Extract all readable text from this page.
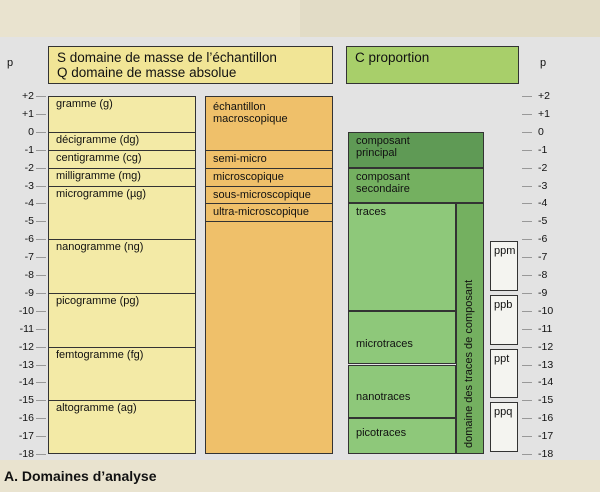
S domaine de masse de l’échantillon
Q domaine de masse absolue
C proportion
p	p
+2
+1
0
-1
-2
-3
-4
-5
-6
-7
-8
-9
-10
-11
-12
-13
-14
-15
-16
-17
-18
+2
+1
0
-1
-2
-3
-4
-5
-6
-7
-8
-9
-10
-11
-12
-13
-14
-15
-16
-17
-18
gramme (g)
décigramme (dg)
centigramme (cg)
milligramme (mg)
microgramme (µg)
nanogramme (ng)
picogramme (pg)
femtogramme (fg)
altogramme (ag)
échantillon
macroscopique
semi-micro
microscopique
sous-microscopique
ultra-microscopique
composant
principal
composant
secondaire
traces
microtraces
nanotraces
picotraces	domaine des traces de composant
ppm
ppb
ppt
ppq
A. Domaines d’analyse
